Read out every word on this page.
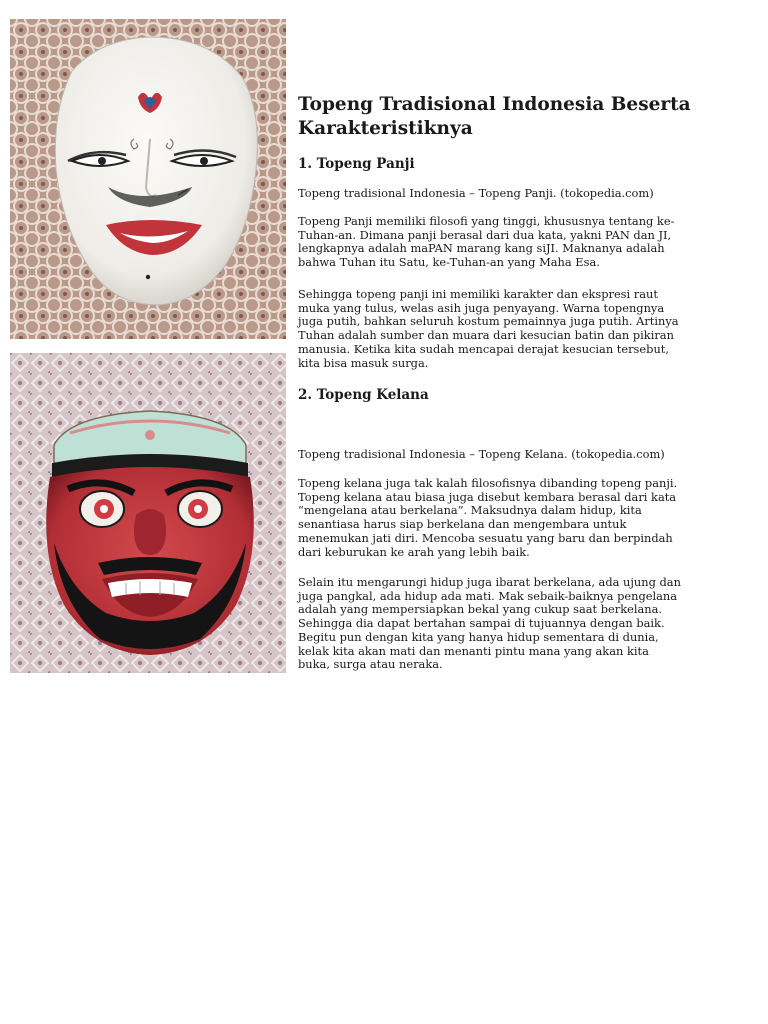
Topeng Tradisional Indonesia Beserta Karakteristiknya
1. Topeng Panji

Topeng tradisional Indonesia – Topeng Panji. (tokopedia.com)

Topeng Panji memiliki filosofi yang tinggi, khususnya tentang ke-Tuhan-an. Dimana panji berasal dari dua kata, yakni PAN dan JI, lengkapnya adalah maPAN marang kang siJI. Maknanya adalah bahwa Tuhan itu Satu, ke-Tuhan-an yang Maha Esa.

Sehingga topeng panji ini memiliki karakter dan ekspresi raut muka yang tulus, welas asih juga penyayang. Warna topengnya juga putih, bahkan seluruh kostum pemainnya juga putih. Artinya Tuhan adalah sumber dan muara dari kesucian batin dan pikiran manusia. Ketika kita sudah mencapai derajat kesucian tersebut, kita bisa masuk surga.

2. Topeng Kelana

Topeng tradisional Indonesia – Topeng Kelana. (tokopedia.com)

Topeng kelana juga tak kalah filosofisnya dibanding topeng panji. Topeng kelana atau biasa juga disebut kembara berasal dari kata “mengelana atau berkelana”. Maksudnya dalam hidup, kita senantiasa harus siap berkelana dan mengembara untuk menemukan jati diri. Mencoba sesuatu yang baru dan berpindah dari keburukan ke arah yang lebih baik.

Selain itu mengarungi hidup juga ibarat berkelana, ada ujung dan juga pangkal, ada hidup ada mati. Mak sebaik-baiknya pengelana adalah yang mempersiapkan bekal yang cukup saat berkelana. Sehingga dia dapat bertahan sampai di tujuannya dengan baik. Begitu pun dengan kita yang hanya hidup sementara di dunia, kelak kita akan mati dan menanti pintu mana yang akan kita buka, surga atau neraka.
